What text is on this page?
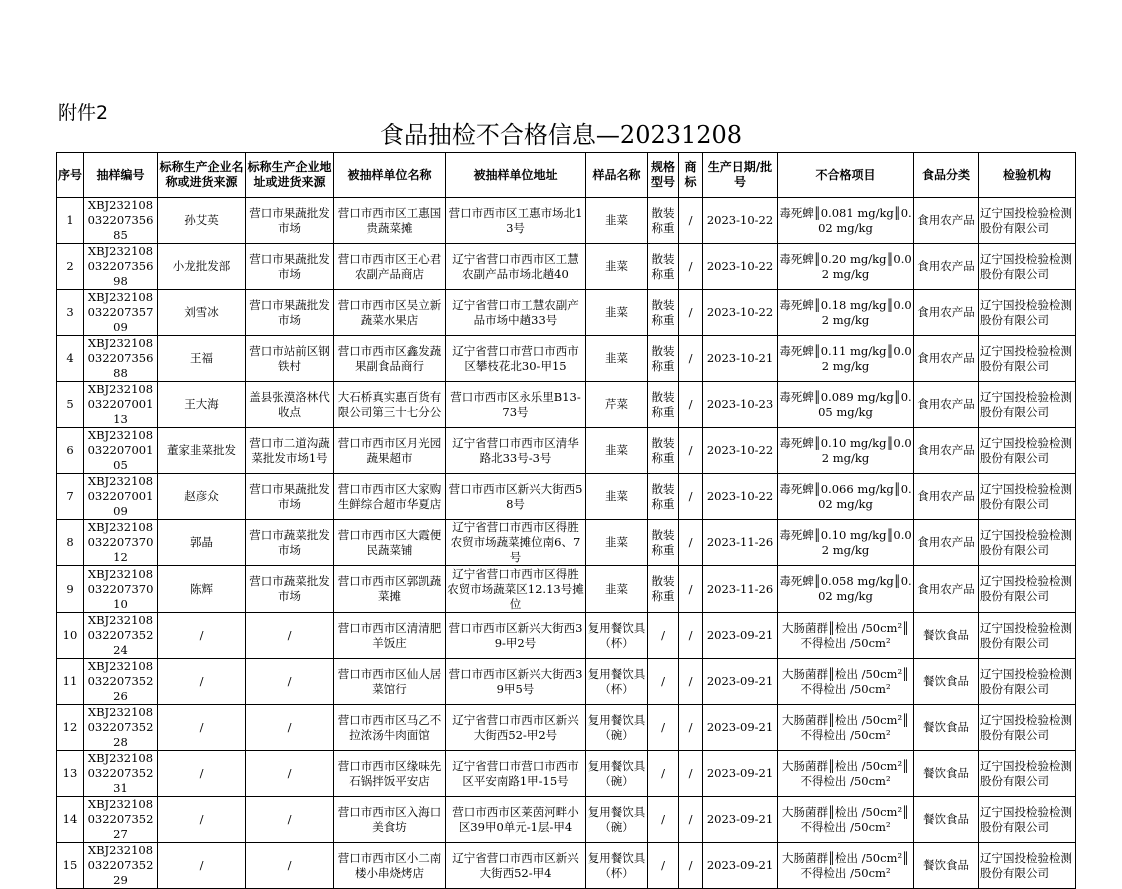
附件2
食品抽检不合格信息—20231208
序号	抽样编号	标称生产企业名称或进货来源	标称生产企业地址或进货来源	被抽样单位名称	被抽样单位地址	样品名称	规格型号	商标	生产日期/批号	不合格项目	食品分类	检验机构
1	XBJ23210803220735685	孙艾英	营口市果蔬批发市场	营口市西市区工惠国贵蔬菜摊	营口市西市区工惠市场北13号	韭菜	散装称重	/	2023-10-22	毒死蜱║0.081 mg/kg║0.02 mg/kg	食用农产品	辽宁国投检验检测股份有限公司
2	XBJ23210803220735698	小龙批发部	营口市果蔬批发市场	营口市西市区王心君农副产品商店	辽宁省营口市西市区工慧农副产品市场北趟40	韭菜	散装称重	/	2023-10-22	毒死蜱║0.20 mg/kg║0.02 mg/kg	食用农产品	辽宁国投检验检测股份有限公司
3	XBJ23210803220735709	刘雪冰	营口市果蔬批发市场	营口市西市区吴立新蔬菜水果店	辽宁省营口市工慧农副产品市场中趟33号	韭菜	散装称重	/	2023-10-22	毒死蜱║0.18 mg/kg║0.02 mg/kg	食用农产品	辽宁国投检验检测股份有限公司
4	XBJ23210803220735688	王福	营口市站前区钢铁村	营口市西市区鑫发蔬果副食品商行	辽宁省营口市营口市西市区攀枝花北30-甲15	韭菜	散装称重	/	2023-10-21	毒死蜱║0.11 mg/kg║0.02 mg/kg	食用农产品	辽宁国投检验检测股份有限公司
5	XBJ23210803220700113	王大海	盖县张漠洛林代收点	大石桥真实惠百货有限公司第三十七分公	营口市西市区永乐里B13-73号	芹菜	散装称重	/	2023-10-23	毒死蜱║0.089 mg/kg║0.05 mg/kg	食用农产品	辽宁国投检验检测股份有限公司
6	XBJ23210803220700105	董家韭菜批发	营口市二道沟蔬菜批发市场1号	营口市西市区月光园蔬果超市	辽宁省营口市西市区清华路北33号-3号	韭菜	散装称重	/	2023-10-22	毒死蜱║0.10 mg/kg║0.02 mg/kg	食用农产品	辽宁国投检验检测股份有限公司
7	XBJ23210803220700109	赵彦众	营口市果蔬批发市场	营口市西市区大家购生鲜综合超市华夏店	营口市西市区新兴大街西58号	韭菜	散装称重	/	2023-10-22	毒死蜱║0.066 mg/kg║0.02 mg/kg	食用农产品	辽宁国投检验检测股份有限公司
8	XBJ23210803220737012	郭晶	营口市蔬菜批发市场	营口市西市区大霞便民蔬菜铺	辽宁省营口市西市区得胜农贸市场蔬菜摊位南6、7号	韭菜	散装称重	/	2023-11-26	毒死蜱║0.10 mg/kg║0.02 mg/kg	食用农产品	辽宁国投检验检测股份有限公司
9	XBJ23210803220737010	陈辉	营口市蔬菜批发市场	营口市西市区郭凯蔬菜摊	辽宁省营口市西市区得胜农贸市场蔬菜区12.13号摊位	韭菜	散装称重	/	2023-11-26	毒死蜱║0.058 mg/kg║0.02 mg/kg	食用农产品	辽宁国投检验检测股份有限公司
10	XBJ23210803220735224	/	/	营口市西市区清清肥羊饭庄	营口市西市区新兴大街西39-甲2号	复用餐饮具（杯）	/	/	2023-09-21	大肠菌群║检出 /50cm²║不得检出 /50cm²	餐饮食品	辽宁国投检验检测股份有限公司
11	XBJ23210803220735226	/	/	营口市西市区仙人居菜馆行	营口市西市区新兴大街西39甲5号	复用餐饮具（杯）	/	/	2023-09-21	大肠菌群║检出 /50cm²║不得检出 /50cm²	餐饮食品	辽宁国投检验检测股份有限公司
12	XBJ23210803220735228	/	/	营口市西市区马乙不拉浓汤牛肉面馆	辽宁省营口市西市区新兴大街西52-甲2号	复用餐饮具（碗）	/	/	2023-09-21	大肠菌群║检出 /50cm²║不得检出 /50cm²	餐饮食品	辽宁国投检验检测股份有限公司
13	XBJ23210803220735231	/	/	营口市西市区缘味先石锅拌饭平安店	辽宁省营口市营口市西市区平安南路1甲-15号	复用餐饮具（碗）	/	/	2023-09-21	大肠菌群║检出 /50cm²║不得检出 /50cm²	餐饮食品	辽宁国投检验检测股份有限公司
14	XBJ23210803220735227	/	/	营口市西市区入海口美食坊	营口市西市区莱茵河畔小区39甲0单元-1层-甲4	复用餐饮具（碗）	/	/	2023-09-21	大肠菌群║检出 /50cm²║不得检出 /50cm²	餐饮食品	辽宁国投检验检测股份有限公司
15	XBJ23210803220735229	/	/	营口市西市区小二南楼小串烧烤店	辽宁省营口市西市区新兴大街西52-甲4	复用餐饮具（杯）	/	/	2023-09-21	大肠菌群║检出 /50cm²║不得检出 /50cm²	餐饮食品	辽宁国投检验检测股份有限公司
